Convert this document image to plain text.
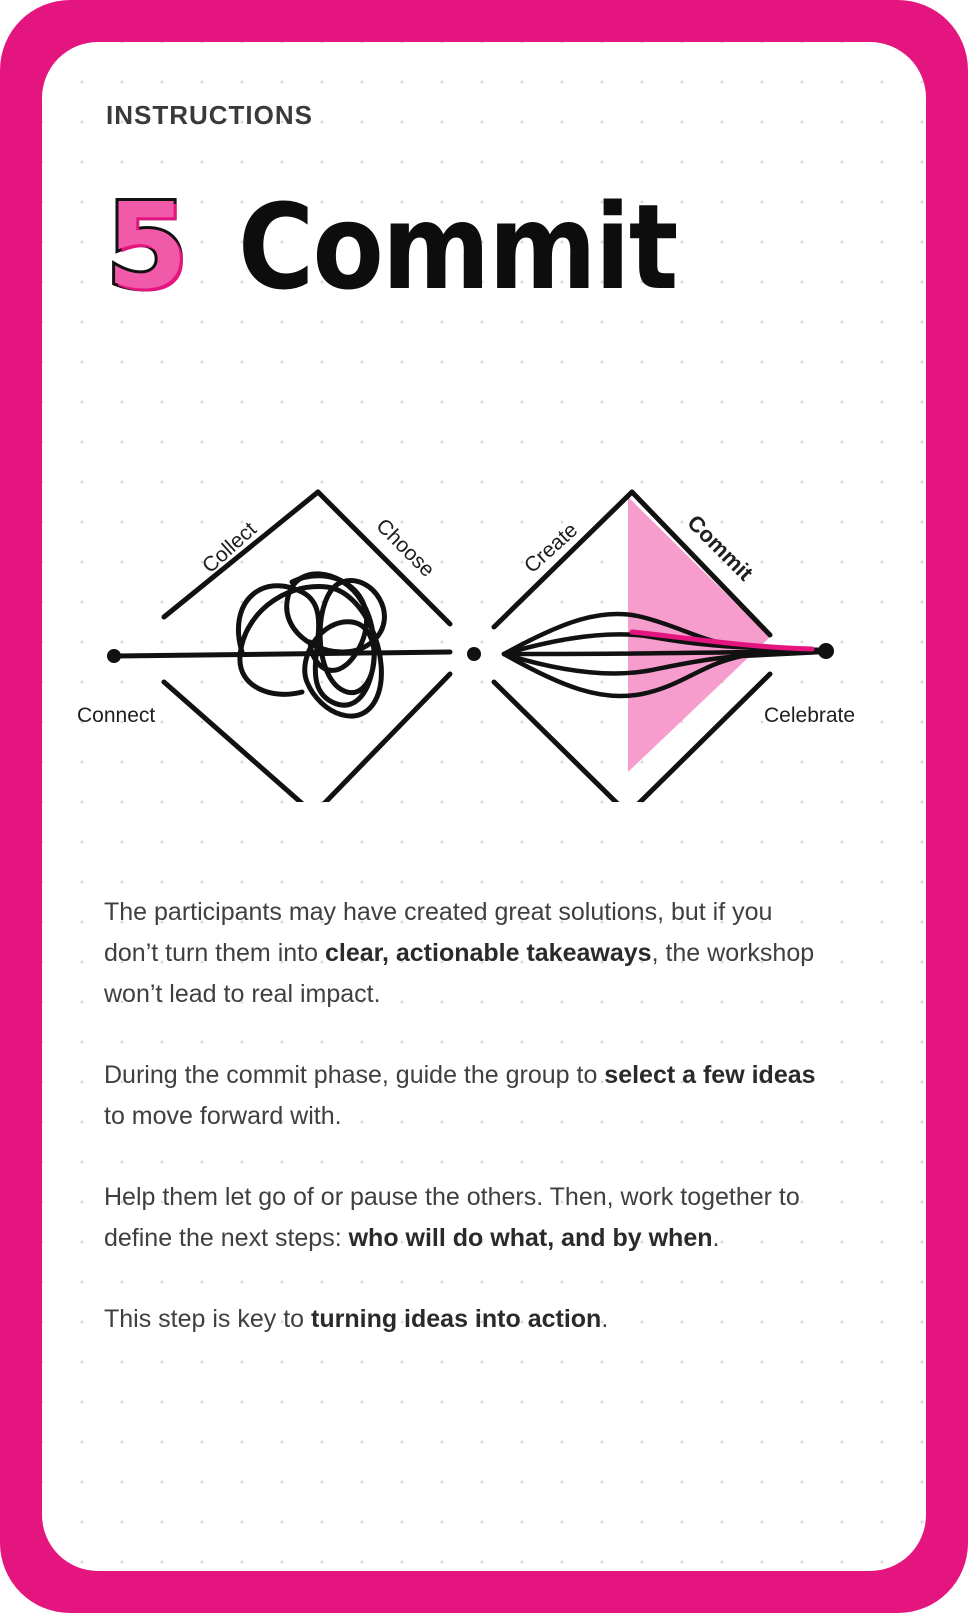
INSTRUCTIONS
5 Commit
Connect
Collect	Choose	Create	Commit
Celebrate

The participants may have created great solutions, but if you don’t turn them into clear, actionable takeaways, the workshop won’t lead to real impact.

During the commit phase, guide the group to select a few ideas to move forward with.

Help them let go of or pause the others. Then, work together to define the next steps: who will do what, and by when.

This step is key to turning ideas into action.
